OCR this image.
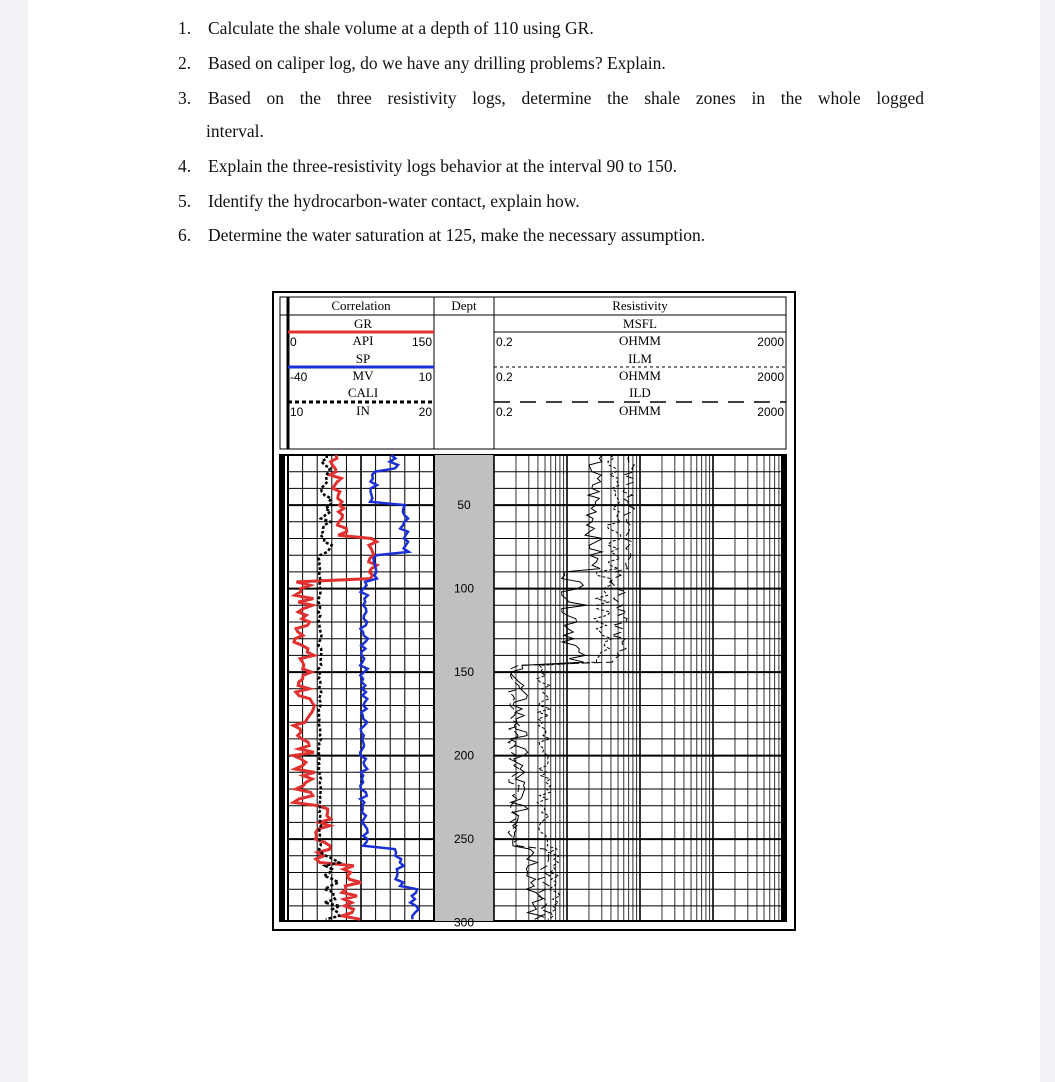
1. Calculate the shale volume at a depth of 110 using GR.
2. Based on caliper log, do we have any drilling problems? Explain.
3. Based on the three resistivity logs, determine the shale zones in the whole logged
4. Explain the three-resistivity logs behavior at the interval 90 to 150.
5. Identify the hydrocarbon-water contact, explain how.
6. Determine the water saturation at 125, make the necessary assumption.
interval.
Correlation	Dept	Resistivity
GR
0	API	150
SP
-40	MV	10
CALI
10	IN	20
MSFL
0.2	OHMM	2000
ILM
0.2	OHMM	2000
ILD
0.2	OHMM	2000
50
100
150
200
250
300
